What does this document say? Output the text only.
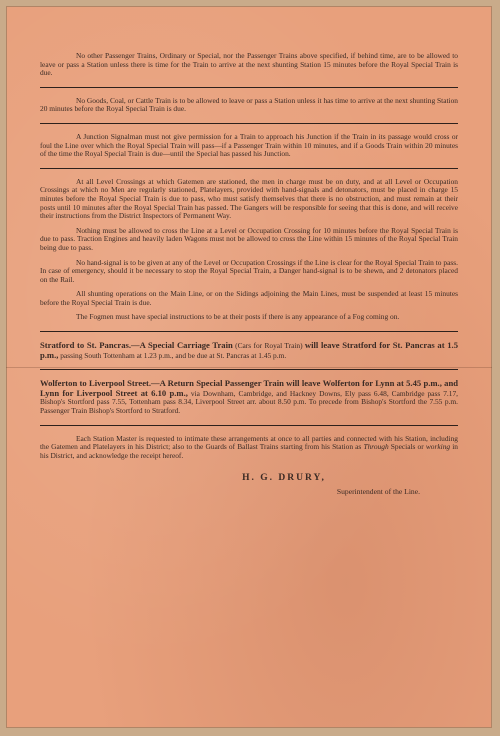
No other Passenger Trains, Ordinary or Special, nor the Passenger Trains above specified, if behind time, are to be allowed to leave or pass a Station unless there is time for the Train to arrive at the next shunting Station 15 minutes before the Royal Special Train is due.

No Goods, Coal, or Cattle Train is to be allowed to leave or pass a Station unless it has time to arrive at the next shunting Station 20 minutes before the Royal Special Train is due.

A Junction Signalman must not give permission for a Train to approach his Junction if the Train in its passage would cross or foul the Line over which the Royal Special Train will pass—if a Passenger Train within 10 minutes, and if a Goods Train within 20 minutes of the time the Royal Special Train is due—until the Special has passed his Junction.

At all Level Crossings at which Gatemen are stationed, the men in charge must be on duty, and at all Level or Occupation Crossings at which no Men are regularly stationed, Platelayers, provided with hand-signals and detonators, must be placed in charge 15 minutes before the Royal Special Train is due to pass, who must satisfy themselves that there is no obstruction, and must remain at their posts until 10 minutes after the Royal Special Train has passed. The Gangers will be responsible for seeing that this is done, and will receive their instructions from the District Inspectors of Permanent Way.

Nothing must be allowed to cross the Line at a Level or Occupation Crossing for 10 minutes before the Royal Special Train is due to pass. Traction Engines and heavily laden Wagons must not be allowed to cross the Line within 15 minutes of the Royal Special Train being due to pass.

No hand-signal is to be given at any of the Level or Occupation Crossings if the Line is clear for the Royal Special Train to pass. In case of emergency, should it be necessary to stop the Royal Special Train, a Danger hand-signal is to be shewn, and 2 detonators placed on the Rail.

All shunting operations on the Main Line, or on the Sidings adjoining the Main Lines, must be suspended at least 15 minutes before the Royal Special Train is due.

The Fogmen must have special instructions to be at their posts if there is any appearance of a Fog coming on.

Stratford to St. Pancras.—A Special Carriage Train (Cars for Royal Train) will leave Stratford for St. Pancras at 1.5 p.m., passing South Tottenham at 1.23 p.m., and be due at St. Pancras at 1.45 p.m.

Wolferton to Liverpool Street.—A Return Special Passenger Train will leave Wolferton for Lynn at 5.45 p.m., and Lynn for Liverpool Street at 6.10 p.m., via Downham, Cambridge, and Hackney Downs, Ely pass 6.48, Cambridge pass 7.17, Bishop's Stortford pass 7.55, Tottenham pass 8.34, Liverpool Street arr. about 8.50 p.m. To precede from Bishop's Stortford the 7.55 p.m. Passenger Train Bishop's Stortford to Stratford.

Each Station Master is requested to intimate these arrangements at once to all parties and connected with his Station, including the Gatemen and Platelayers in his District; also to the Guards of Ballast Trains starting from his Station as Through Specials or working in his District, and acknowledge the receipt hereof.

H. G. DRURY,
Superintendent of the Line.
